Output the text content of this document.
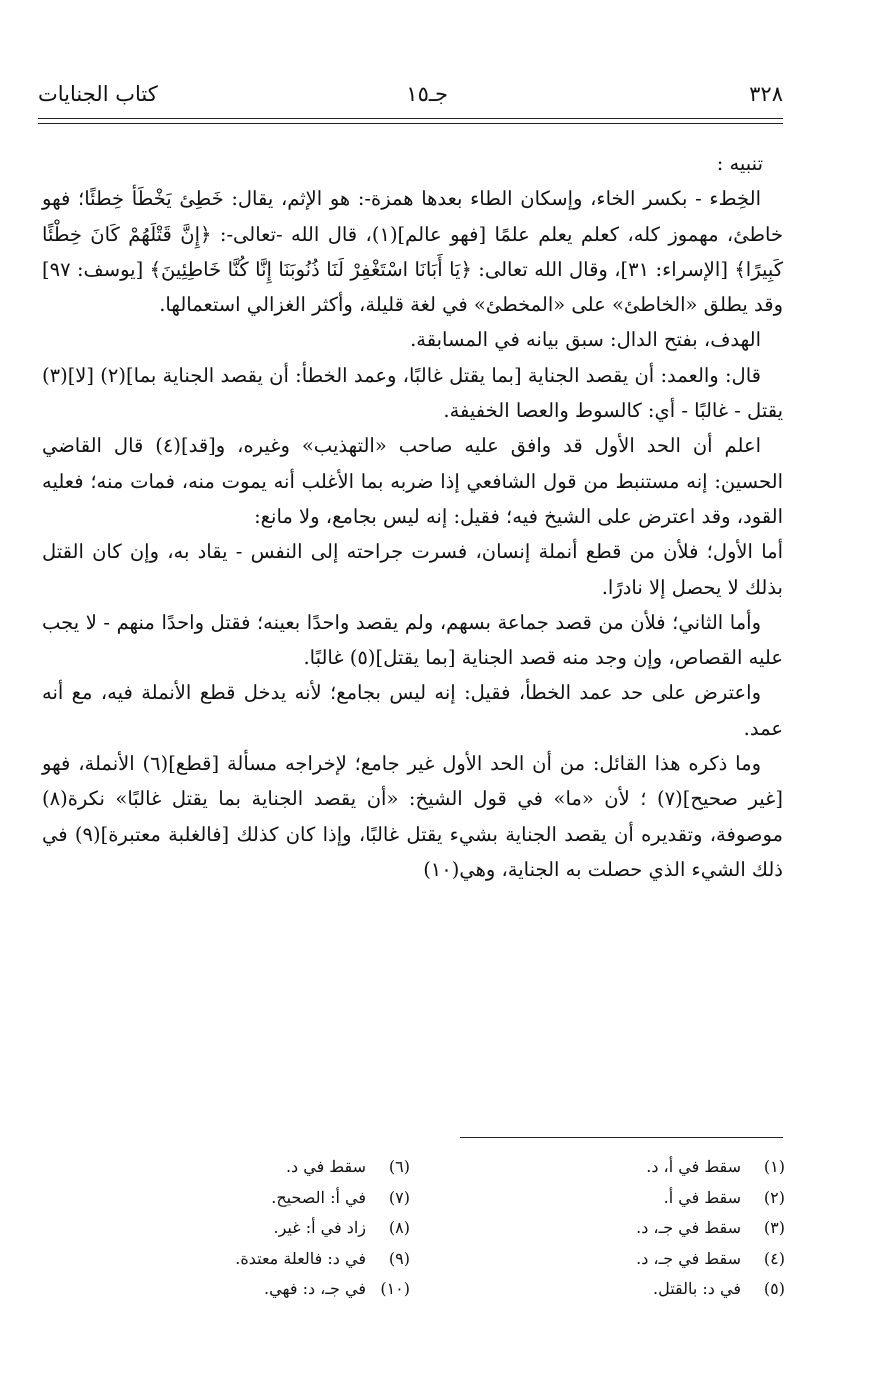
٣٢٨
جـ١٥
كتاب الجنايات

تنبيه :

الخِطء - بكسر الخاء، وإسكان الطاء بعدها همزة-: هو الإثم، يقال: خَطِئ يَخْطَأ خِطئًا؛ فهو خاطئ، مهموز كله، كعلم يعلم علمًا [فهو عالم](١)، قال الله -تعالى-: ﴿إِنَّ قَتْلَهُمْ كَانَ خِطْئًا كَبِيرًا﴾ [الإسراء: ٣١]، وقال الله تعالى: ﴿يَا أَبَانَا اسْتَغْفِرْ لَنَا ذُنُوبَنَا إِنَّا كُنَّا خَاطِئِينَ﴾ [يوسف: ٩٧] وقد يطلق «الخاطئ» على «المخطئ» في لغة قليلة، وأكثر الغزالي استعمالها.

الهدف، بفتح الدال: سبق بيانه في المسابقة.

قال: والعمد: أن يقصد الجناية [بما يقتل غالبًا، وعمد الخطأ: أن يقصد الجناية بما](٢) [لا](٣) يقتل - غالبًا - أي: كالسوط والعصا الخفيفة.

اعلم أن الحد الأول قد وافق عليه صاحب «التهذيب» وغيره، و[قد](٤) قال القاضي الحسين: إنه مستنبط من قول الشافعي إذا ضربه بما الأغلب أنه يموت منه، فمات منه؛ فعليه القود، وقد اعترض على الشيخ فيه؛ فقيل: إنه ليس بجامع، ولا مانع:

أما الأول؛ فلأن من قطع أنملة إنسان، فسرت جراحته إلى النفس - يقاد به، وإن كان القتل بذلك لا يحصل إلا نادرًا.

وأما الثاني؛ فلأن من قصد جماعة بسهم، ولم يقصد واحدًا بعينه؛ فقتل واحدًا منهم - لا يجب عليه القصاص، وإن وجد منه قصد الجناية [بما يقتل](٥) غالبًا.

واعترض على حد عمد الخطأ، فقيل: إنه ليس بجامع؛ لأنه يدخل قطع الأنملة فيه، مع أنه عمد.

وما ذكره هذا القائل: من أن الحد الأول غير جامع؛ لإخراجه مسألة [قطع](٦) الأنملة، فهو [غير صحيح](٧) ؛ لأن «ما» في قول الشيخ: «أن يقصد الجناية بما يقتل غالبًا» نكرة(٨) موصوفة، وتقديره أن يقصد الجناية بشيء يقتل غالبًا، وإذا كان كذلك [فالغلبة معتبرة](٩) في ذلك الشيء الذي حصلت به الجناية، وهي(١٠)

(١)سقط في أ، د.
(٢)سقط في أ.
(٣)سقط في جـ، د.
(٤)سقط في جـ، د.
(٥)في د: بالقتل.
(٦)سقط في د.
(٧)في أ: الصحيح.
(٨)زاد في أ: غير.
(٩)في د: فالعلة معتدة.
(١٠)في جـ، د: فهي.
